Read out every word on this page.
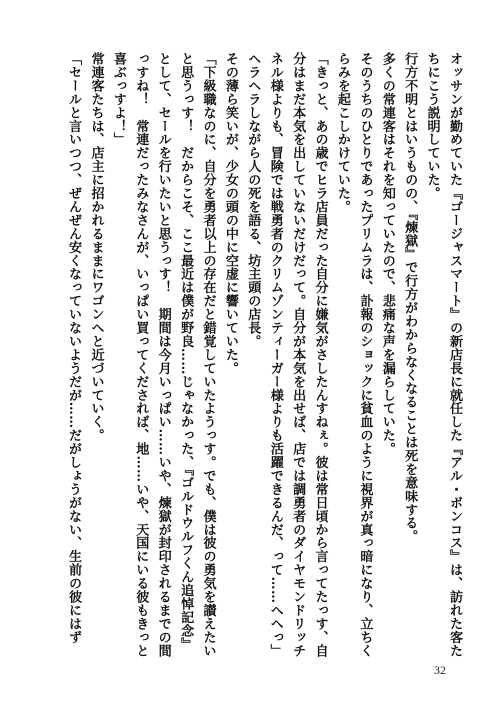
オッサンが勤めていた『ゴージャスマート』の新店長に就任した『アル・ボンコス』は、訪れた客たちにこう説明していた。

行方不明とはいうものの、『煉獄』で行方がわからなくなることは死を意味する。

多くの常連客はそれを知っていたので、悲痛な声を漏らしていた。

そのうちのひとりであったプリムラは、訃報のショックに貧血のように視界が真っ暗になり、立ちくらみを起こしかけていた。

「きっと、あの歳でヒラ店員だった自分に嫌気がさしたんすねぇ。彼は常日頃から言ってたっす、自分はまだ本気を出していないだけだって。自分が本気を出せば、店では調勇者のダイヤモンドリッチネル様よりも、冒険では戦勇者のクリムゾンティーガー様よりも活躍できるんだ、って……へへっ」

ヘラヘラしながら人の死を語る、坊主頭の店長。

その薄ら笑いが、少女の頭の中に空虚に響いていた。

「下級職なのに、自分を勇者以上の存在だと錯覚していたようっす。でも、僕は彼の勇気を讃えたいと思うっす！　だからこそ、ここ最近は僕が野良……じゃなかった、『ゴルドウルフくん追悼記念』として、セールを行いたいと思うっす！　期間は今月いっぱい……いや、煉獄が封印されるまでの間っすね！　常連だったみなさんが、いっぱい買ってくだされば、地……いや、天国にいる彼もきっと喜ぶっすよ！」

常連客たちは、店主に招かれるままにワゴンへと近づいていく。

「セールと言いつつ、ぜんぜん安くなっていないようだが……だがしょうがない、生前の彼にはず

32
